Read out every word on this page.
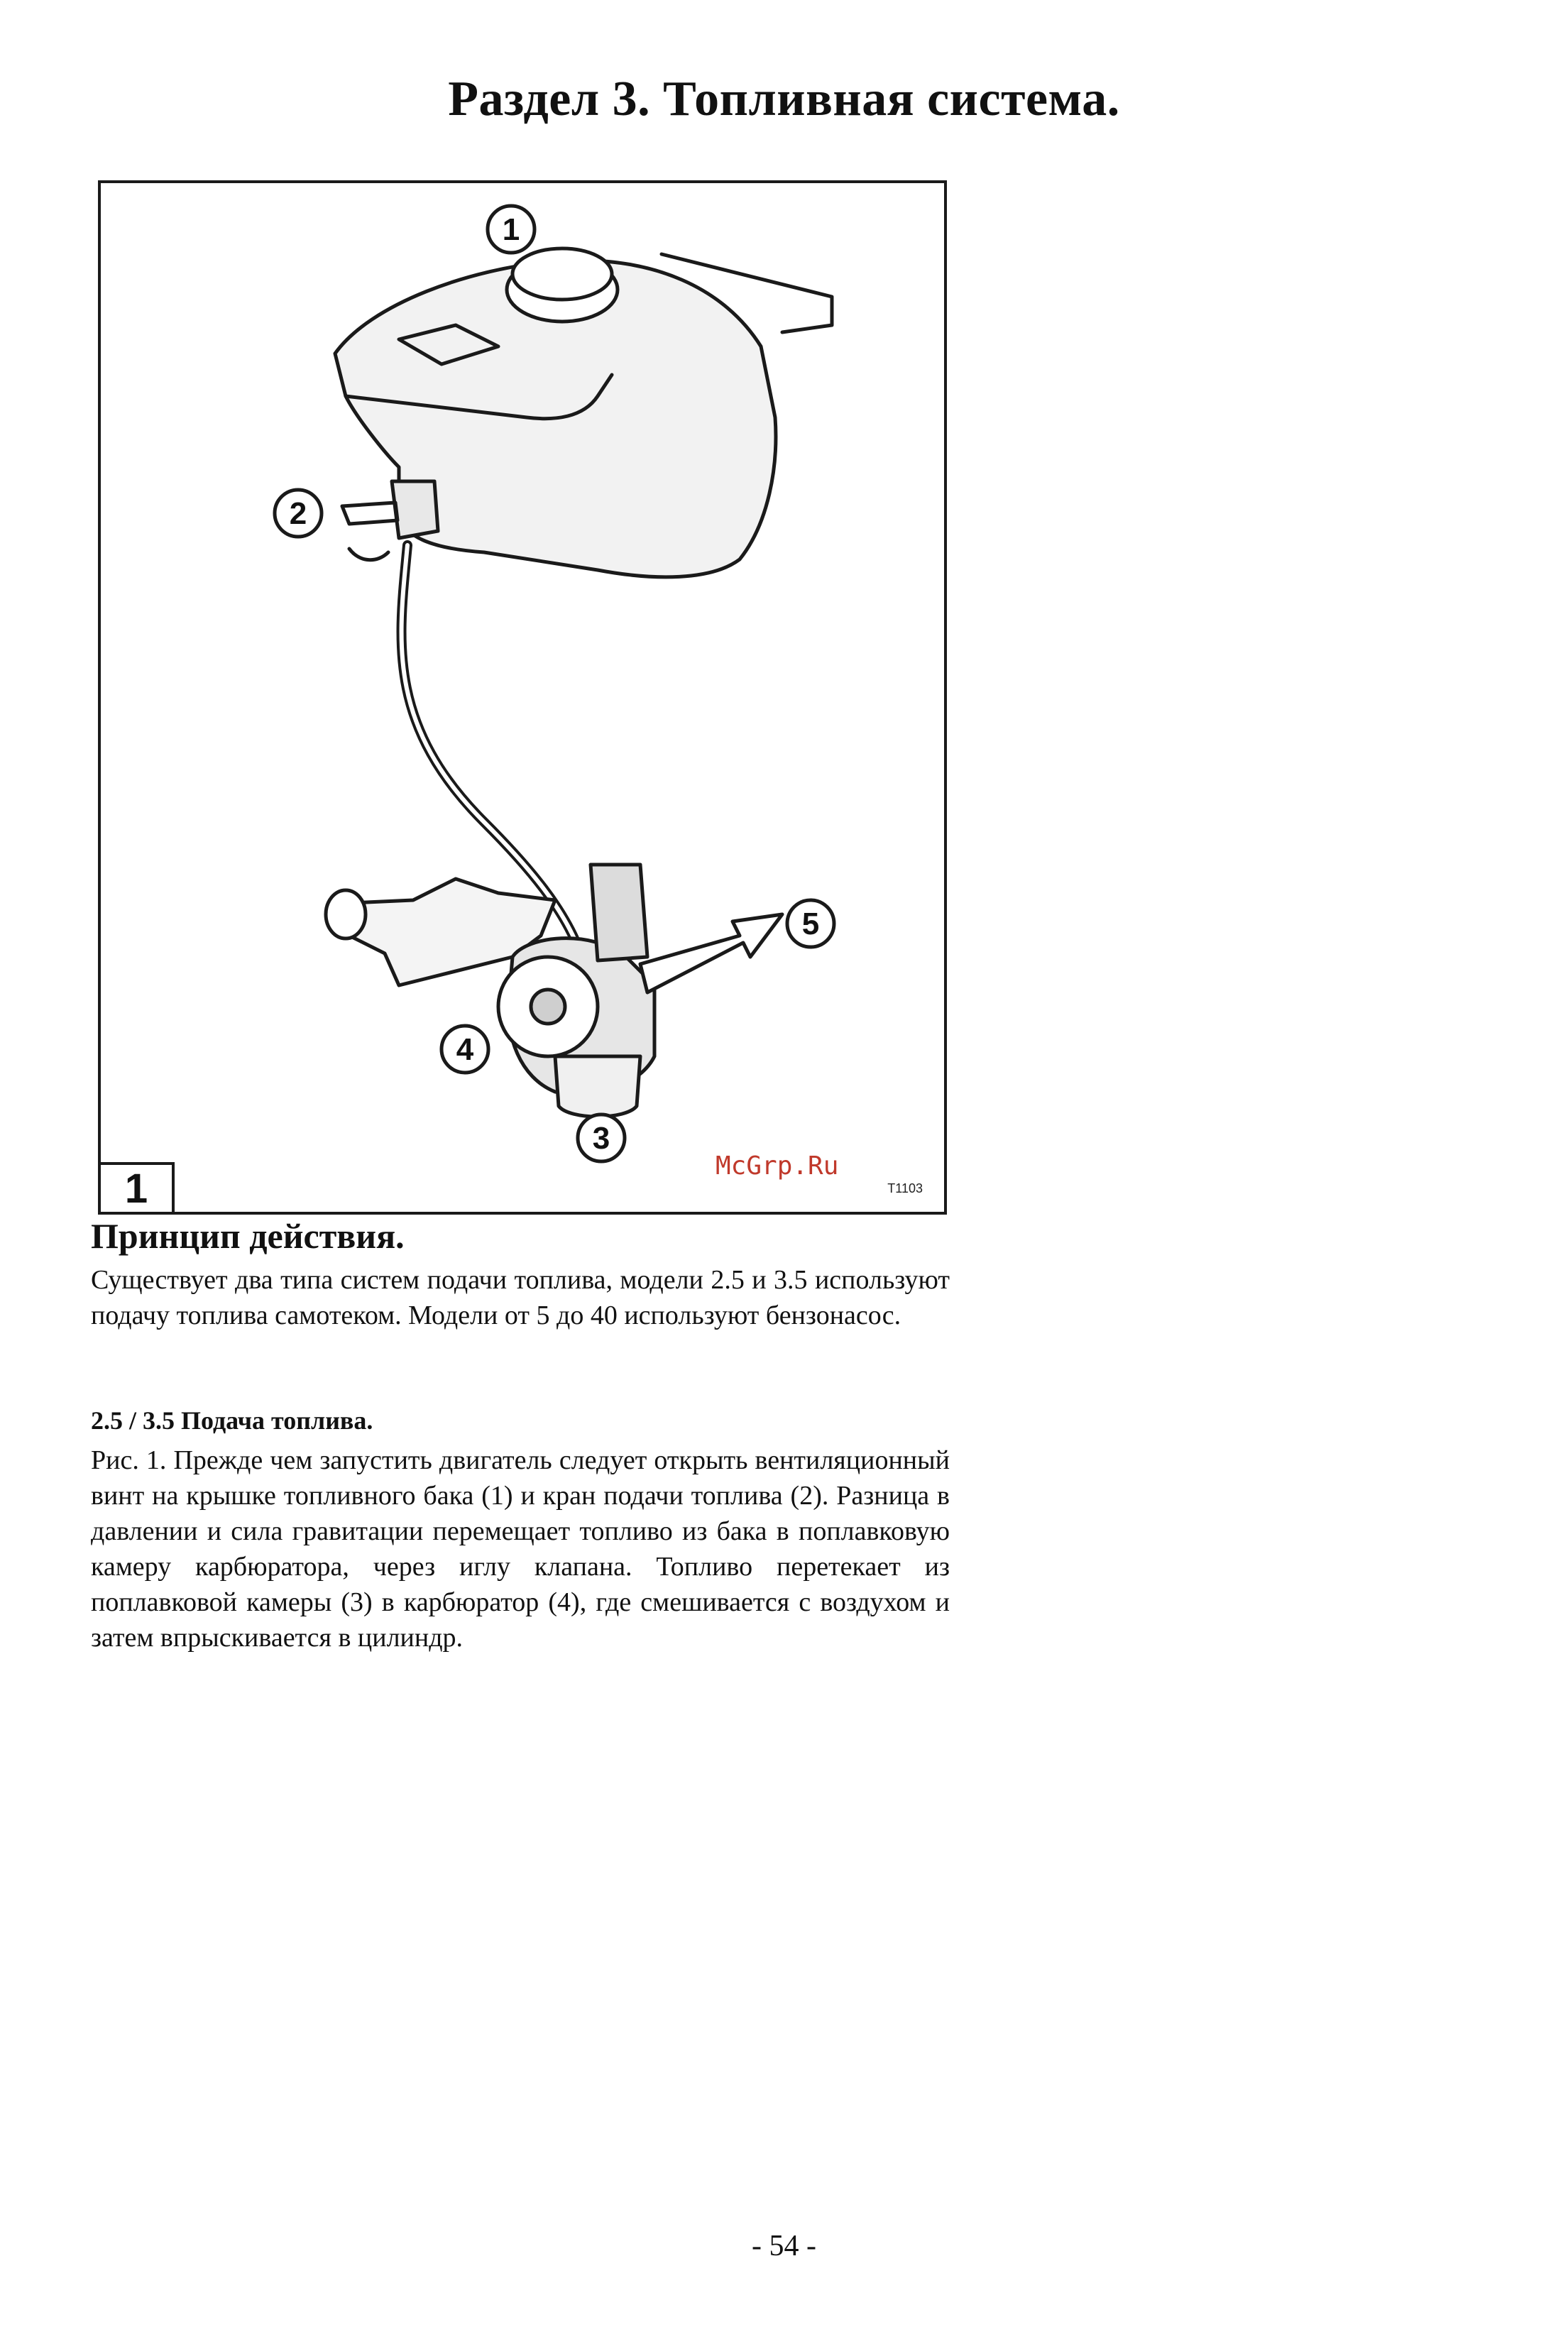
Раздел 3. Топливная система.
1
2
3
4
5
1	T1103
McGrp.Ru
Принцип действия.
Существует два типа систем подачи топлива, модели 2.5 и 3.5 используют подачу топлива самотеком. Модели от 5 до 40 используют бензонасос.
2.5 / 3.5 Подача топлива.
Рис. 1. Прежде чем запустить двигатель следует открыть вентиляционный винт на крышке топливного бака (1) и кран подачи топлива (2). Разница в давлении и сила гравитации перемещает топливо из бака в поплавковую камеру карбюратора, через иглу клапана. Топливо перетекает из поплавковой камеры (3) в карбюратор (4), где смешивается с воздухом и затем впрыскивается в цилиндр.
- 54 -
